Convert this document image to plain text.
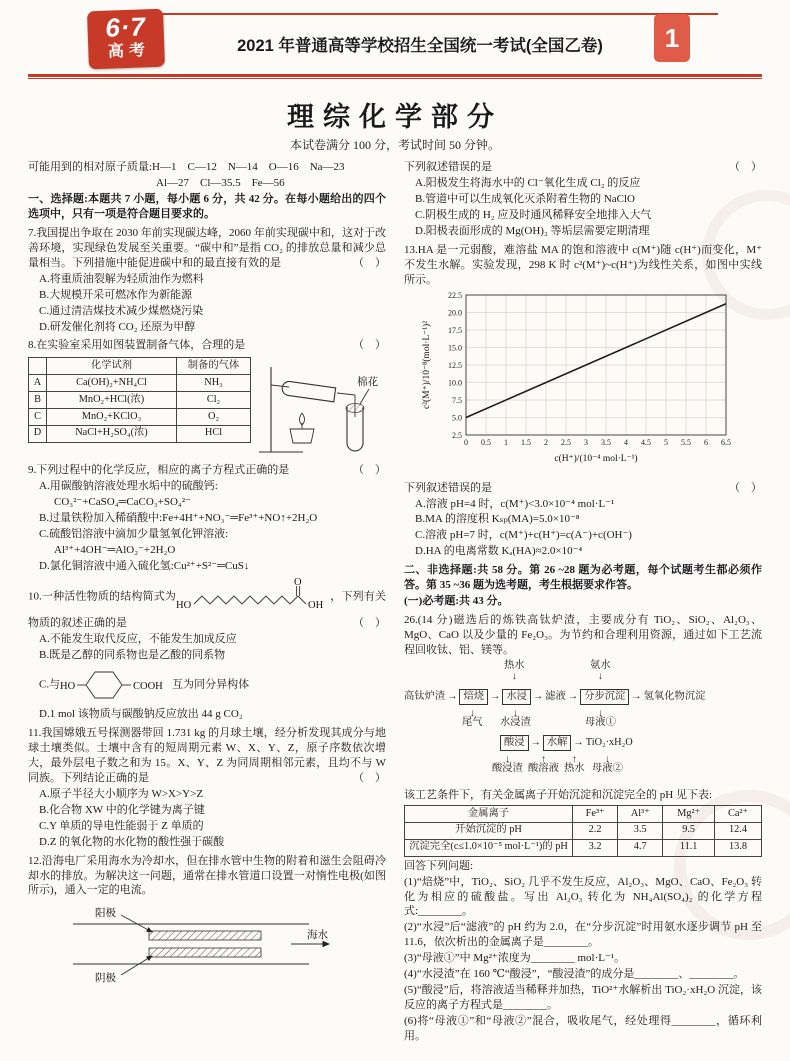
6·7
高考	2021 年普通高等学校招生全国统一考试(全国乙卷)	1
理综化学部分
本试卷满分 100 分，考试时间 50 分钟。

可能用到的相对原子质量:H—1　C—12　N—14　O—16　Na—23

Al—27　Cl—35.5　Fe—56

一、选择题:本题共 7 小题，每小题 6 分，共 42 分。在每小题给出的四个选项中，只有一项是符合题目要求的。

7.我国提出争取在 2030 年前实现碳达峰，2060 年前实现碳中和，这对于改善环境，实现绿色发展至关重要。“碳中和”是指 CO₂ 的排放总量和减少总量相当。下列措施中能促进碳中和的最直接有效的是	（　）

A.将重质油裂解为轻质油作为燃料

B.大规模开采可燃冰作为新能源

C.通过清洁煤技术减少煤燃烧污染

D.研发催化剂将 CO₂ 还原为甲醇

8.在实验室采用如图装置制备气体，合理的是	（　）

	化学试剂	制备的气体
A	Ca(OH)₂+NH₄Cl	NH₃
B	MnO₂+HCl(浓)	Cl₂
C	MnO₂+KClO₃	O₂
D	NaCl+H₂SO₄(浓)	HCl
棉花

9.下列过程中的化学反应，相应的离子方程式正确的是	（　）

A.用碳酸钠溶液处理水垢中的硫酸钙:

CO₃²⁻+CaSO₄═CaCO₃+SO₄²⁻

B.过量铁粉加入稀硝酸中:Fe+4H⁺+NO₃⁻═Fe³⁺+NO↑+2H₂O

C.硫酸铝溶液中滴加少量氢氧化钾溶液:

Al³⁺+4OH⁻═AlO₂⁻+2H₂O

D.氯化铜溶液中通入硫化氢:Cu²⁺+S²⁻═CuS↓

10.一种活性物质的结构简式为
HO
O
OH
，下列有关物质的叙述正确的是	（　）

A.不能发生取代反应，不能发生加成反应

B.既是乙醇的同系物也是乙酸的同系物

C.与 HO	COOH 互为同分异构体

D.1 mol 该物质与碳酸钠反应放出 44 g CO₂

11.我国嫦娥五号探测器带回 1.731 kg 的月球土壤，经分析发现其成分与地球土壤类似。土壤中含有的短周期元素 W、X、Y、Z，原子序数依次增大，最外层电子数之和为 15。X、Y、Z 为同周期相邻元素，且均不与 W 同族。下列结论正确的是	（　）

A.原子半径大小顺序为 W>X>Y>Z

B.化合物 XW 中的化学键为离子键

C.Y 单质的导电性能弱于 Z 单质的

D.Z 的氧化物的水化物的酸性强于碳酸

12.沿海电厂采用海水为冷却水，但在排水管中生物的附着和滋生会阻碍冷却水的排放。为解决这一问题，通常在排水管道口设置一对惰性电极(如图所示)，通入一定的电流。

阳极
阴极
海水

下列叙述错误的是	（　）

A.阳极发生将海水中的 Cl⁻氧化生成 Cl₂ 的反应

B.管道中可以生成氧化灭杀附着生物的 NaClO

C.阴极生成的 H₂ 应及时通风稀释安全地排入大气

D.阳极表面形成的 Mg(OH)₂ 等垢层需要定期清理

13.HA 是一元弱酸，难溶盐 MA 的饱和溶液中 c(M⁺)随 c(H⁺)而变化，M⁺不发生水解。实验发现，298 K 时 c²(M⁺)~c(H⁺)为线性关系，如图中实线所示。

0 0.5 1 1.5 2 2.5 3 3.5 4 4.5 5 5.5 6 6.5
2.5
5.0
7.5
10.0
12.5
15.0
17.5
20.0
22.5
c(H⁺)/(10⁻⁴ mol·L⁻¹)
c²(M⁺)/10⁻⁸(mol·L⁻¹)²

下列叙述错误的是	（　）

A.溶液 pH=4 时，c(M⁺)<3.0×10⁻⁴ mol·L⁻¹

B.MA 的溶度积 Kₛₚ(MA)=5.0×10⁻⁸

C.溶液 pH=7 时，c(M⁺)+c(H⁺)=c(A⁻)+c(OH⁻)

D.HA 的电离常数 Kₐ(HA)≈2.0×10⁻⁴

二、非选择题:共 58 分。第 26 ~28 题为必考题，每个试题考生都必须作答。第 35 ~36 题为选考题，考生根据要求作答。

(一)必考题:共 43 分。

26.(14 分)磁选后的炼铁高钛炉渣，主要成分有 TiO₂、SiO₂、Al₂O₃、MgO、CaO 以及少量的 Fe₂O₃。为节约和合理利用资源，通过如下工艺流程回收钛、铝、镁等。

热水
↓
氨水
↓
高钛炉渣 → 焙烧 → 水浸 → 滤液 → 分步沉淀 → 氢氧化物沉淀
↓
尾气
↓
水浸渣
↓
母液①
酸浸 → 水解 → TiO₂·xH₂O
↓
酸浸渣
↑
酸溶液
↑
热水
↓
母液②

该工艺条件下，有关金属离子开始沉淀和沉淀完全的 pH 见下表:

金属离子	Fe³⁺	Al³⁺	Mg²⁺	Ca²⁺
开始沉淀的 pH	2.2	3.5	9.5	12.4
沉淀完全(c≤1.0×10⁻⁵ mol·L⁻¹)的 pH	3.2	4.7	11.1	13.8

回答下列问题:

(1)“焙烧”中，TiO₂、SiO₂ 几乎不发生反应，Al₂O₃、MgO、CaO、Fe₂O₃ 转化为相应的硫酸盐。写出 Al₂O₃ 转化为 NH₄Al(SO₄)₂ 的化学方程式:________。

(2)“水浸”后“滤液”的 pH 约为 2.0，在“分步沉淀”时用氨水逐步调节 pH 至 11.6，依次析出的金属离子是________。

(3)“母液①”中 Mg²⁺浓度为________ mol·L⁻¹。

(4)“水浸渣”在 160 ℃“酸浸”，“酸浸渣”的成分是________、________。

(5)“酸浸”后，将溶液适当稀释并加热，TiO²⁺水解析出 TiO₂·xH₂O 沉淀，该反应的离子方程式是________。

(6)将“母液①”和“母液②”混合，吸收尾气，经处理得________，循环利用。
